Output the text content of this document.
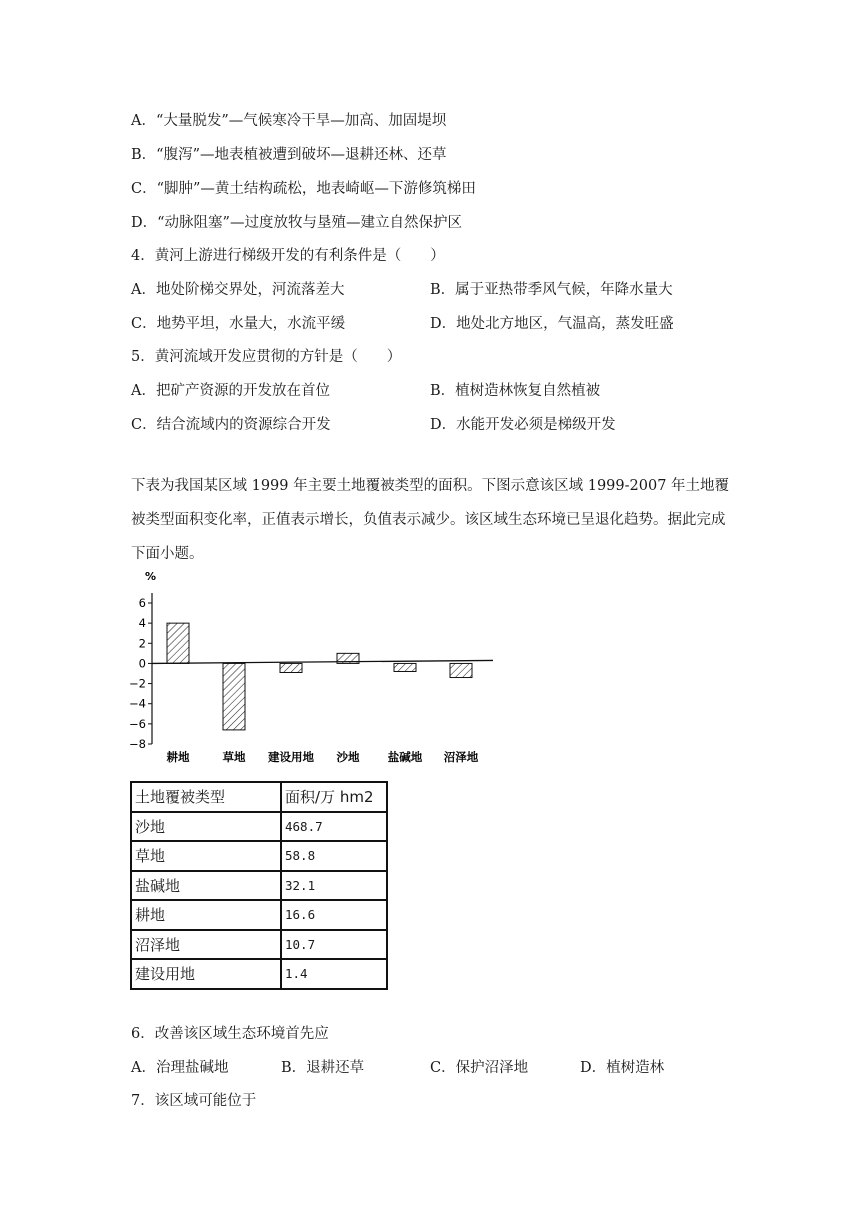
A．“大量脱发”—气候寒冷干旱—加高、加固堤坝
B．“腹泻”—地表植被遭到破坏—退耕还林、还草
C．“脚肿”—黄土结构疏松，地表崎岖—下游修筑梯田
D．“动脉阻塞”—过度放牧与垦殖—建立自然保护区
4．黄河上游进行梯级开发的有利条件是（　　）
A．地处阶梯交界处，河流落差大	B．属于亚热带季风气候，年降水量大
C．地势平坦，水量大，水流平缓	D．地处北方地区，气温高，蒸发旺盛
5．黄河流域开发应贯彻的方针是（　　）
A．把矿产资源的开发放在首位	B．植树造林恢复自然植被
C．结合流域内的资源综合开发	D．水能开发必须是梯级开发
下表为我国某区域 1999 年主要土地覆被类型的面积。下图示意该区域 1999-2007 年土地覆被类型面积变化率，正值表示增长，负值表示减少。该区域生态环境已呈退化趋势。据此完成下面小题。
%
6
4
2
0
−2
−4
−6
−8
耕地	草地 建设用地 沙地 盐碱地 沼泽地
土地覆被类型	面积/万 hm2
沙地	468.7
草地	58.8
盐碱地	32.1
耕地	16.6
沼泽地	10.7
建设用地	1.4
6．改善该区域生态环境首先应
A．治理盐碱地	B．退耕还草	C．保护沼泽地	D．植树造林
7．该区域可能位于
